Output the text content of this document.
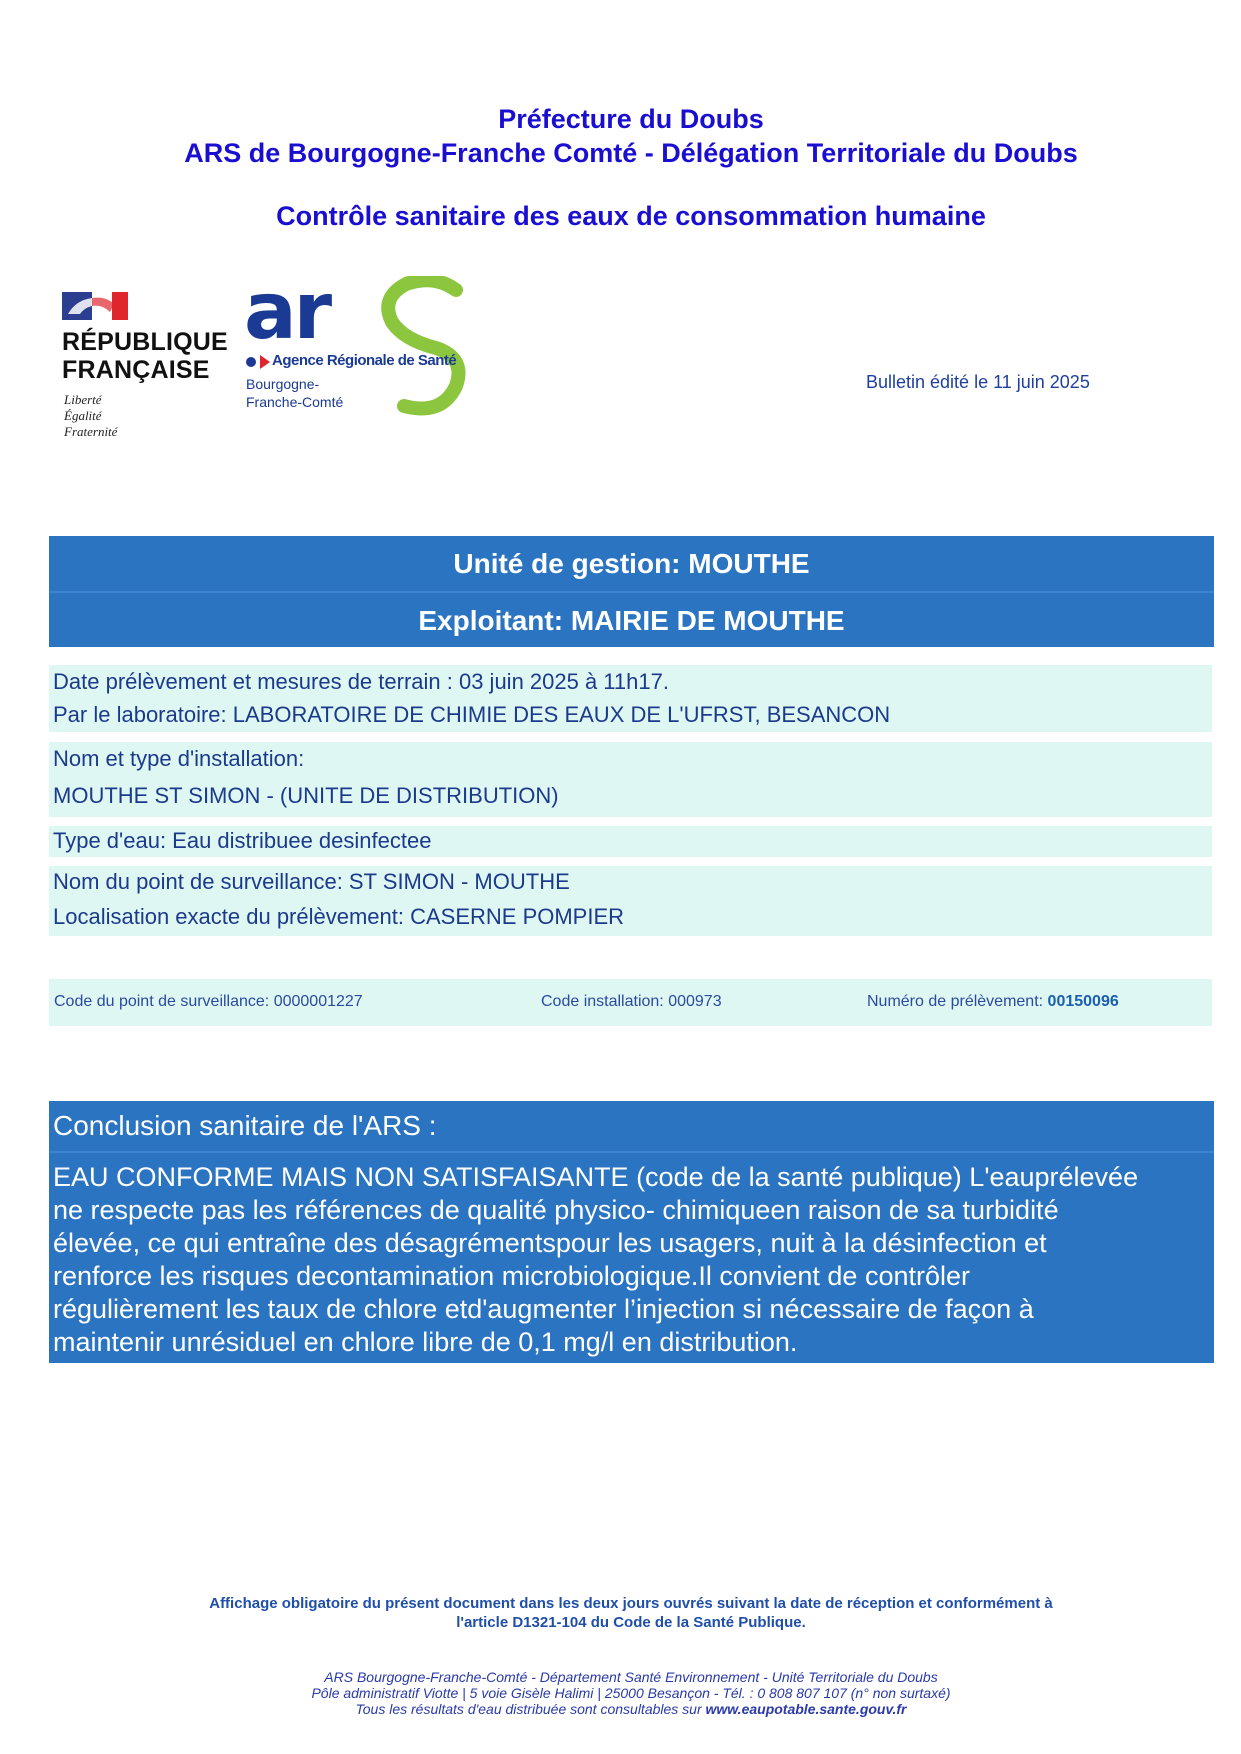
Préfecture du Doubs
ARS de Bourgogne-Franche Comté - Délégation Territoriale du Doubs
Contrôle sanitaire des eaux de consommation humaine
RÉPUBLIQUE
FRANÇAISE
Liberté
Égalité
Fraternité
ar
Agence Régionale de Santé
Bourgogne-
Franche-Comté
Bulletin édité le 11 juin 2025
Unité de gestion: MOUTHE
Exploitant: MAIRIE DE MOUTHE
Date prélèvement et mesures de terrain : 03 juin 2025 à 11h17.
Par le laboratoire: LABORATOIRE DE CHIMIE DES EAUX DE L'UFRST, BESANCON
Nom et type d'installation:
MOUTHE ST SIMON - (UNITE DE DISTRIBUTION)
Type d'eau: Eau distribuee desinfectee
Nom du point de surveillance: ST SIMON - MOUTHE
Localisation exacte du prélèvement: CASERNE POMPIER
Code du point de surveillance: 0000001227	Code installation: 000973	Numéro de prélèvement: 00150096
Conclusion sanitaire de l'ARS :
EAU CONFORME MAIS NON SATISFAISANTE (code de la santé publique) L'eauprélevée
ne respecte pas les références de qualité physico- chimiqueen raison de sa turbidité
élevée, ce qui entraîne des désagrémentspour les usagers, nuit à la désinfection et
renforce les risques decontamination microbiologique.Il convient de contrôler
régulièrement les taux de chlore etd'augmenter l’injection si nécessaire de façon à
maintenir unrésiduel en chlore libre de 0,1 mg/l en distribution.
Affichage obligatoire du présent document dans les deux jours ouvrés suivant la date de réception et conformément à
l'article D1321-104 du Code de la Santé Publique.
ARS Bourgogne-Franche-Comté - Département Santé Environnement - Unité Territoriale du Doubs
Pôle administratif Viotte | 5 voie Gisèle Halimi | 25000 Besançon - Tél. : 0 808 807 107 (n° non surtaxé)
Tous les résultats d'eau distribuée sont consultables sur www.eaupotable.sante.gouv.fr
